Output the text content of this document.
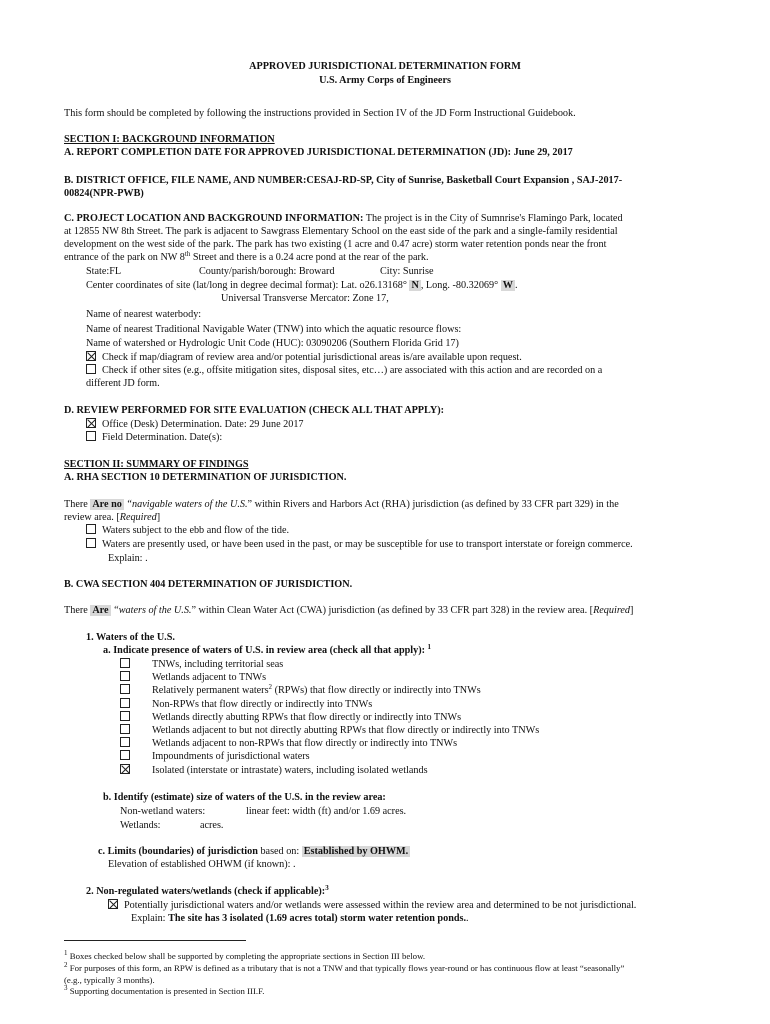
APPROVED JURISDICTIONAL DETERMINATION FORM
U.S. Army Corps of Engineers
This form should be completed by following the instructions provided in Section IV of the JD Form Instructional Guidebook.
SECTION I: BACKGROUND INFORMATION
A. REPORT COMPLETION DATE FOR APPROVED JURISDICTIONAL DETERMINATION (JD): June 29, 2017
B. DISTRICT OFFICE, FILE NAME, AND NUMBER:CESAJ-RD-SP, City of Sunrise, Basketball Court Expansion , SAJ-2017-
00824(NPR-PWB)
C. PROJECT LOCATION AND BACKGROUND INFORMATION: The project is in the City of Sumnrise's Flamingo Park, located
at 12855 NW 8th Street. The park is adjacent to Sawgrass Elementary School on the east side of the park and a single-family residential
development on the west side of the park. The park has two existing (1 acre and 0.47 acre) storm water retention ponds near the front
entrance of the park on NW 8th Street and there is a 0.24 acre pond at the rear of the park.
State:FL	County/parish/borough: Broward	City: Sunrise
Center coordinates of site (lat/long in degree decimal format): Lat. o26.13168° N , Long. -80.32069° W .
Universal Transverse Mercator: Zone 17,
Name of nearest waterbody:
Name of nearest Traditional Navigable Water (TNW) into which the aquatic resource flows:
Name of watershed or Hydrologic Unit Code (HUC): 03090206 (Southern Florida Grid 17)
Check if map/diagram of review area and/or potential jurisdictional areas is/are available upon request.
Check if other sites (e.g., offsite mitigation sites, disposal sites, etc…) are associated with this action and are recorded on a
different JD form.
D. REVIEW PERFORMED FOR SITE EVALUATION (CHECK ALL THAT APPLY):
Office (Desk) Determination. Date: 29 June 2017
Field Determination. Date(s):
SECTION II: SUMMARY OF FINDINGS
A. RHA SECTION 10 DETERMINATION OF JURISDICTION.
There Are no “navigable waters of the U.S.” within Rivers and Harbors Act (RHA) jurisdiction (as defined by 33 CFR part 329) in the
review area. [Required]
Waters subject to the ebb and flow of the tide.
Waters are presently used, or have been used in the past, or may be susceptible for use to transport interstate or foreign commerce.
Explain: .
B. CWA SECTION 404 DETERMINATION OF JURISDICTION.
There Are “waters of the U.S.” within Clean Water Act (CWA) jurisdiction (as defined by 33 CFR part 328) in the review area. [Required]
1. Waters of the U.S.
a. Indicate presence of waters of U.S. in review area (check all that apply): $^1$
TNWs, including territorial seas
Wetlands adjacent to TNWs
Relatively permanent waters$^2$ (RPWs) that flow directly or indirectly into TNWs
Non-RPWs that flow directly or indirectly into TNWs
Wetlands directly abutting RPWs that flow directly or indirectly into TNWs
Wetlands adjacent to but not directly abutting RPWs that flow directly or indirectly into TNWs
Wetlands adjacent to non-RPWs that flow directly or indirectly into TNWs
Impoundments of jurisdictional waters
Isolated (interstate or intrastate) waters, including isolated wetlands
b. Identify (estimate) size of waters of the U.S. in the review area:
Non-wetland waters:	linear feet: width (ft) and/or 1.69 acres.
Wetlands:	acres.
c. Limits (boundaries) of jurisdiction based on: Established by OHWM.
Elevation of established OHWM (if known): .
2. Non-regulated waters/wetlands (check if applicable):$^3$
Potentially jurisdictional waters and/or wetlands were assessed within the review area and determined to be not jurisdictional.
Explain: The site has 3 isolated (1.69 acres total) storm water retention ponds..
$^1$ Boxes checked below shall be supported by completing the appropriate sections in Section III below.
$^2$ For purposes of this form, an RPW is defined as a tributary that is not a TNW and that typically flows year-round or has continuous flow at least “seasonally”
(e.g., typically 3 months).
$^3$ Supporting documentation is presented in Section III.F.
